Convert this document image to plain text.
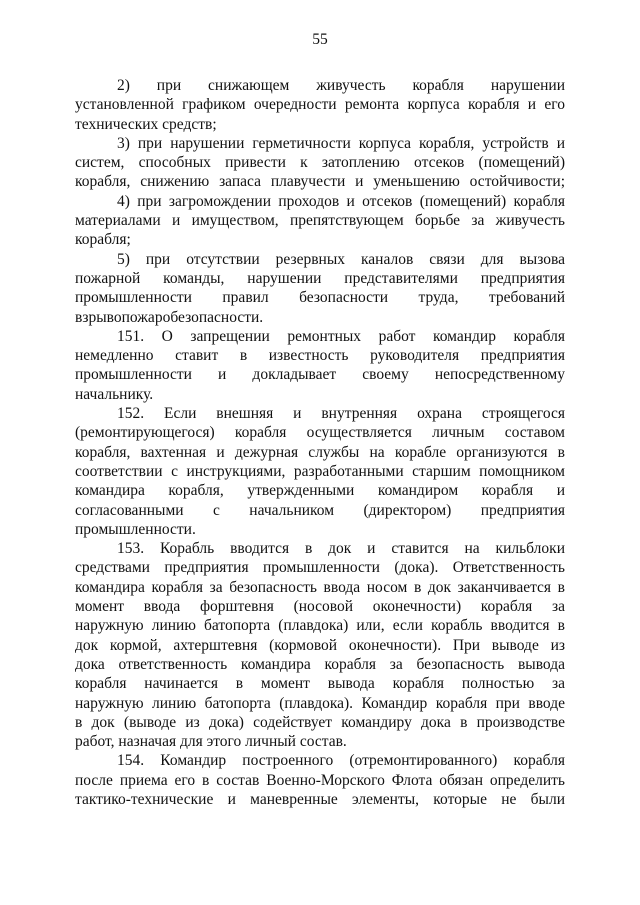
55
2) при снижающем живучесть корабля нарушении
установленной графиком очередности ремонта корпуса корабля и его
технических средств;
3) при нарушении герметичности корпуса корабля, устройств и
систем, способных привести к затоплению отсеков (помещений)
корабля, снижению запаса плавучести и уменьшению остойчивости;
4) при загромождении проходов и отсеков (помещений) корабля
материалами и имуществом, препятствующем борьбе за живучесть
корабля;
5) при отсутствии резервных каналов связи для вызова
пожарной команды, нарушении представителями предприятия
промышленности правил безопасности труда, требований
взрывопожаробезопасности.
151. О запрещении ремонтных работ командир корабля
немедленно ставит в известность руководителя предприятия
промышленности и докладывает своему непосредственному
начальнику.
152. Если внешняя и внутренняя охрана строящегося
(ремонтирующегося) корабля осуществляется личным составом
корабля, вахтенная и дежурная службы на корабле организуются в
соответствии с инструкциями, разработанными старшим помощником
командира корабля, утвержденными командиром корабля и
согласованными с начальником (директором) предприятия
промышленности.
153. Корабль вводится в док и ставится на кильблоки
средствами предприятия промышленности (дока). Ответственность
командира корабля за безопасность ввода носом в док заканчивается в
момент ввода форштевня (носовой оконечности) корабля за
наружную линию батопорта (плавдока) или, если корабль вводится в
док кормой, ахтерштевня (кормовой оконечности). При выводе из
дока ответственность командира корабля за безопасность вывода
корабля начинается в момент вывода корабля полностью за
наружную линию батопорта (плавдока). Командир корабля при вводе
в док (выводе из дока) содействует командиру дока в производстве
работ, назначая для этого личный состав.
154. Командир построенного (отремонтированного) корабля
после приема его в состав Военно-Морского Флота обязан определить
тактико-технические и маневренные элементы, которые не были
